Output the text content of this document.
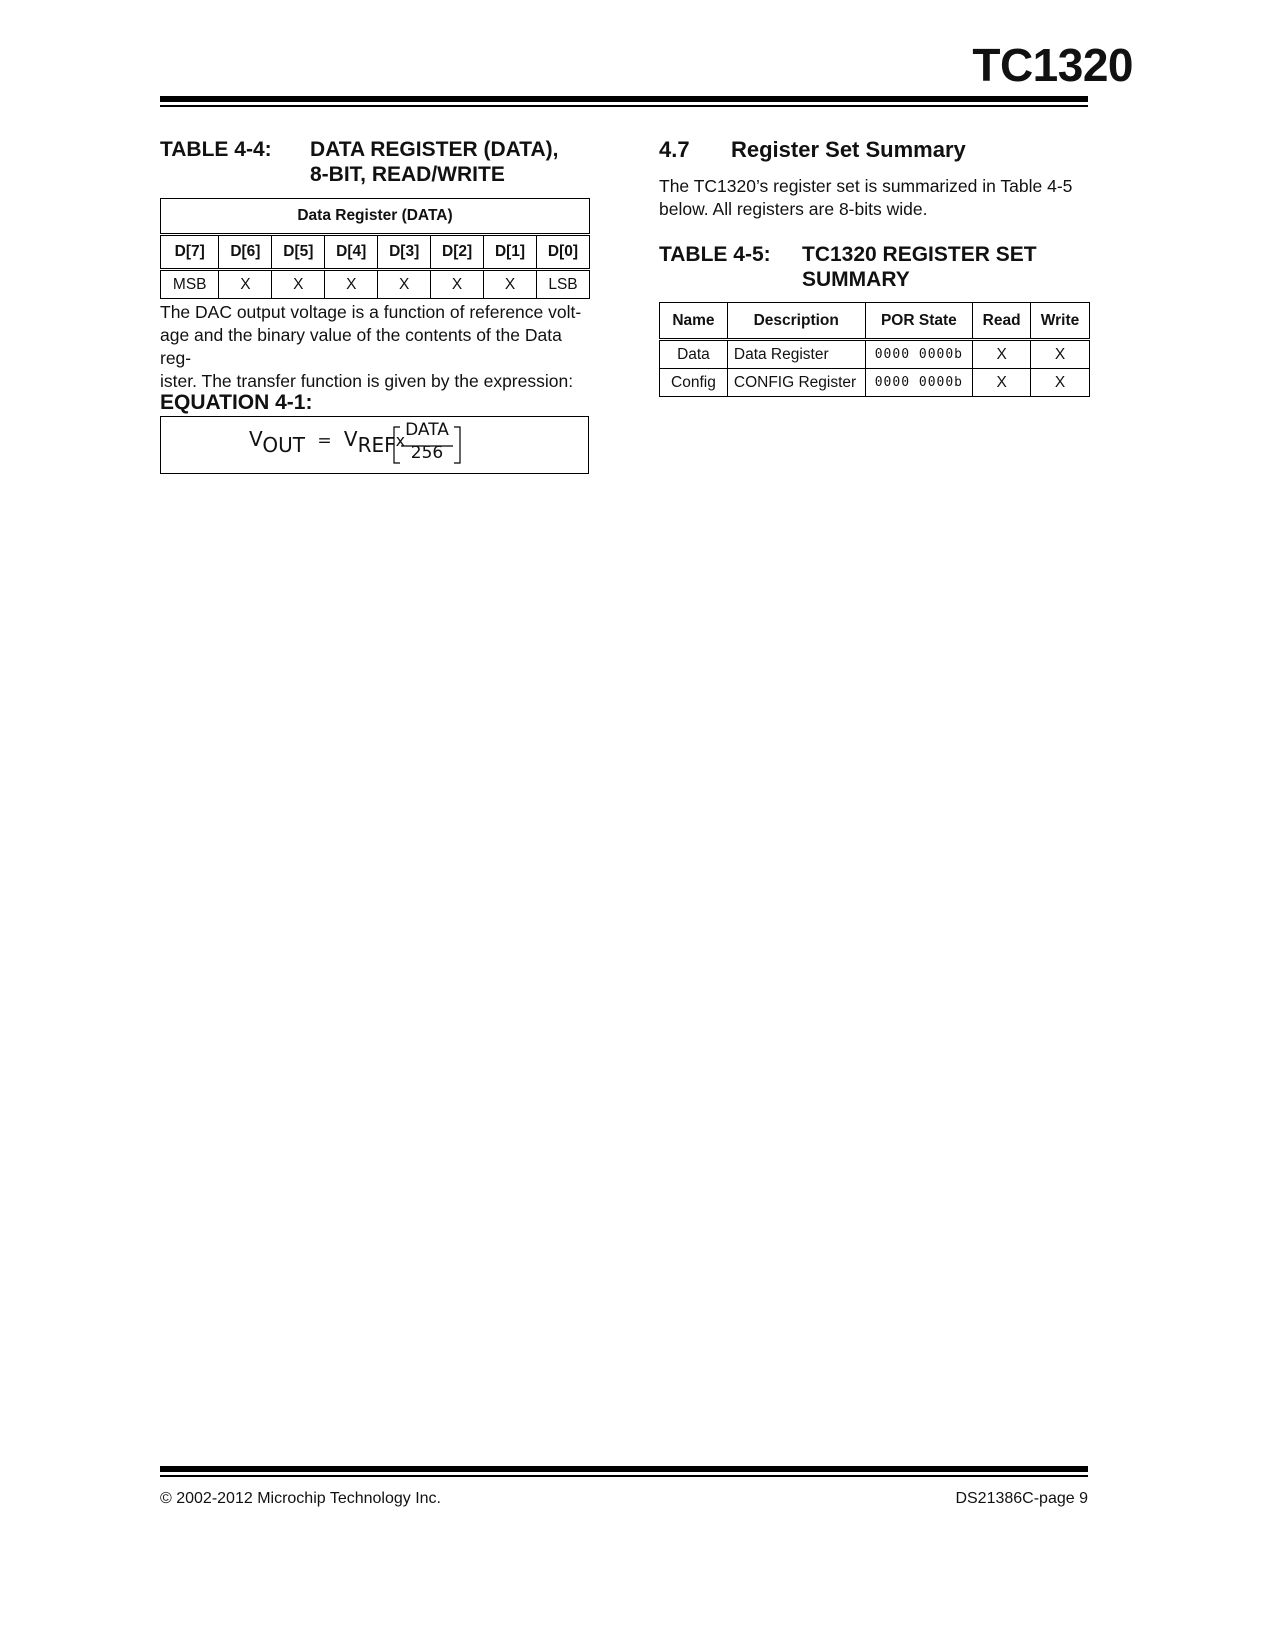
TC1320
TABLE 4-4: DATA REGISTER (DATA),
8-BIT, READ/WRITE
Data Register (DATA)							
D[7]	D[6]	D[5]	D[4]	D[3]	D[2]	D[1]	D[0]
MSB	X	X	X	X	X	X	LSB
The DAC output voltage is a function of reference volt-
age and the binary value of the contents of the Data reg-
ister. The transfer function is given by the expression:
EQUATION 4-1:
VOUT = VREFx
DATA
256
4.7 Register Set Summary
The TC1320’s register set is summarized in Table 4-5
below. All registers are 8-bits wide.
TABLE 4-5: TC1320 REGISTER SET
SUMMARY
Name	Description	POR State	Read	Write
Data	Data Register	0000 0000b	X	X
Config	CONFIG Register	0000 0000b	X	X
© 2002-2012 Microchip Technology Inc.	DS21386C-page 9
